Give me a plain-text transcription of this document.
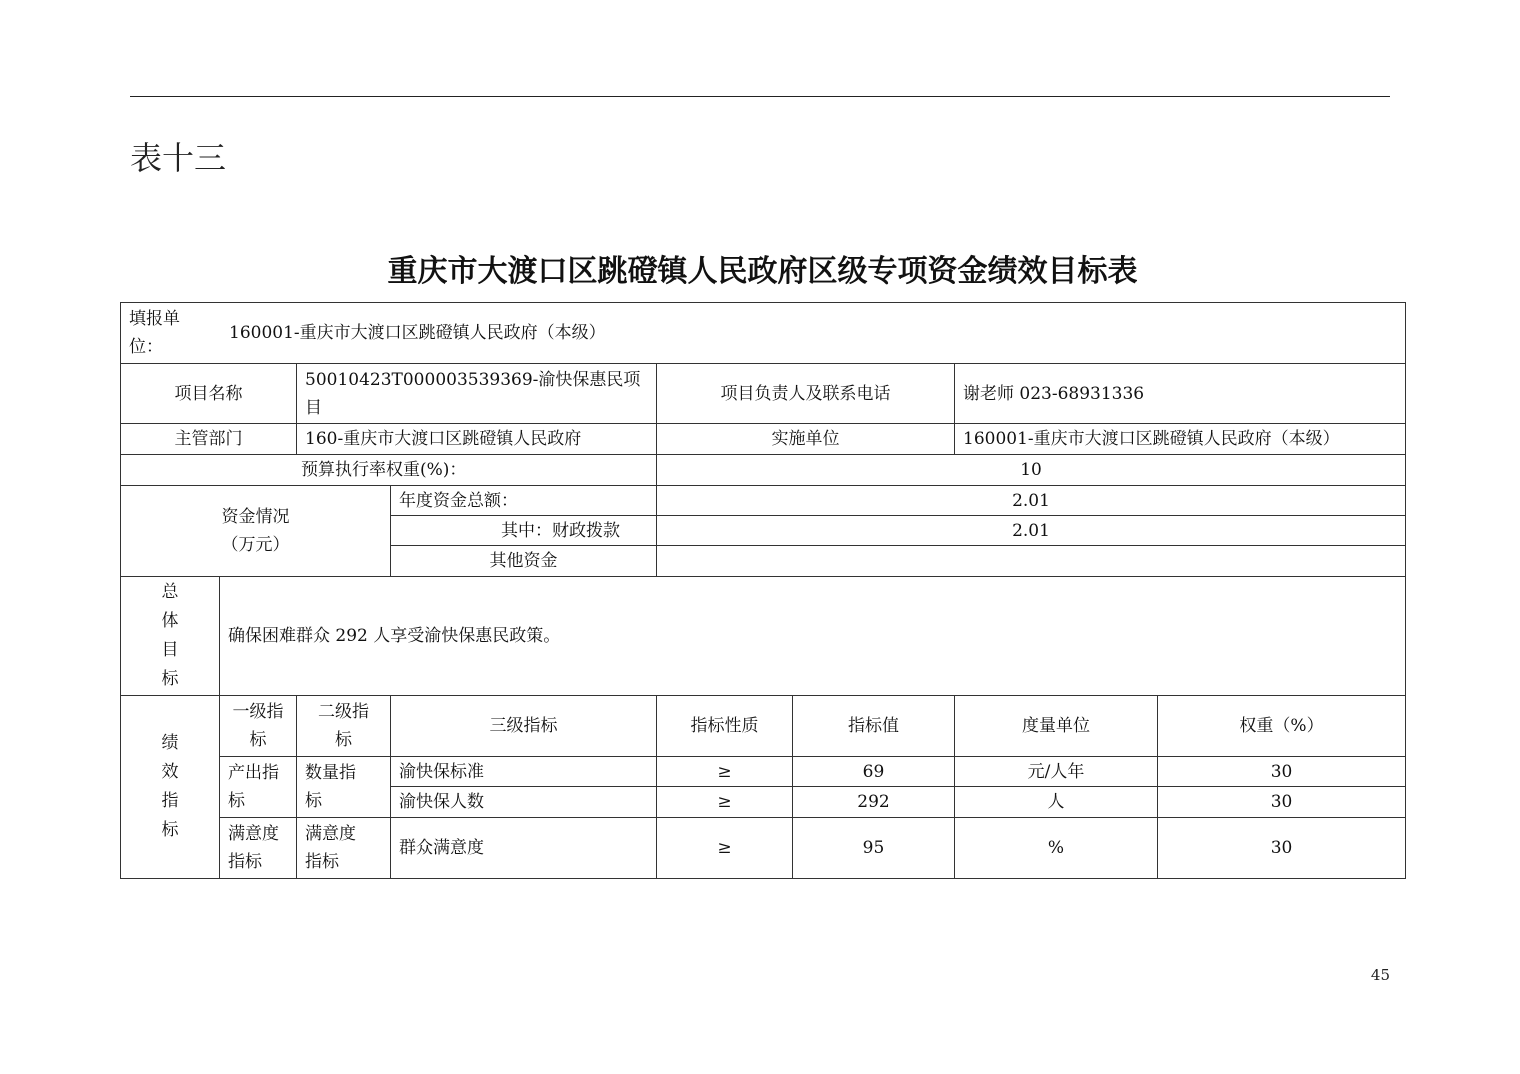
表十三
重庆市大渡口区跳磴镇人民政府区级专项资金绩效目标表
填报单位：
160001-重庆市大渡口区跳磴镇人民政府（本级）							

项目名称		50010423T000003539369-渝快保惠民项目		项目负责人及联系电话		谢老师 023-68931336	
主管部门		160-重庆市大渡口区跳磴镇人民政府		实施单位		160001-重庆市大渡口区跳磴镇人民政府（本级）	
预算执行率权重(%)：				10			

资金情况（万元）			年度资金总额：	2.01			
			其中：财政拨款	2.01			
			其他资金				

总体目标	确保困难群众 292 人享受渝快保惠民政策。						

绩效指标	一级指标	二级指标	三级指标	指标性质	指标值	度量单位	权重（%）

	产出指标	数量指标	渝快保标准	≥	69	元/人年	30
			渝快保人数	≥	292	人	30

	满意度指标	满意度指标	群众满意度	≥	95	%	30
45
